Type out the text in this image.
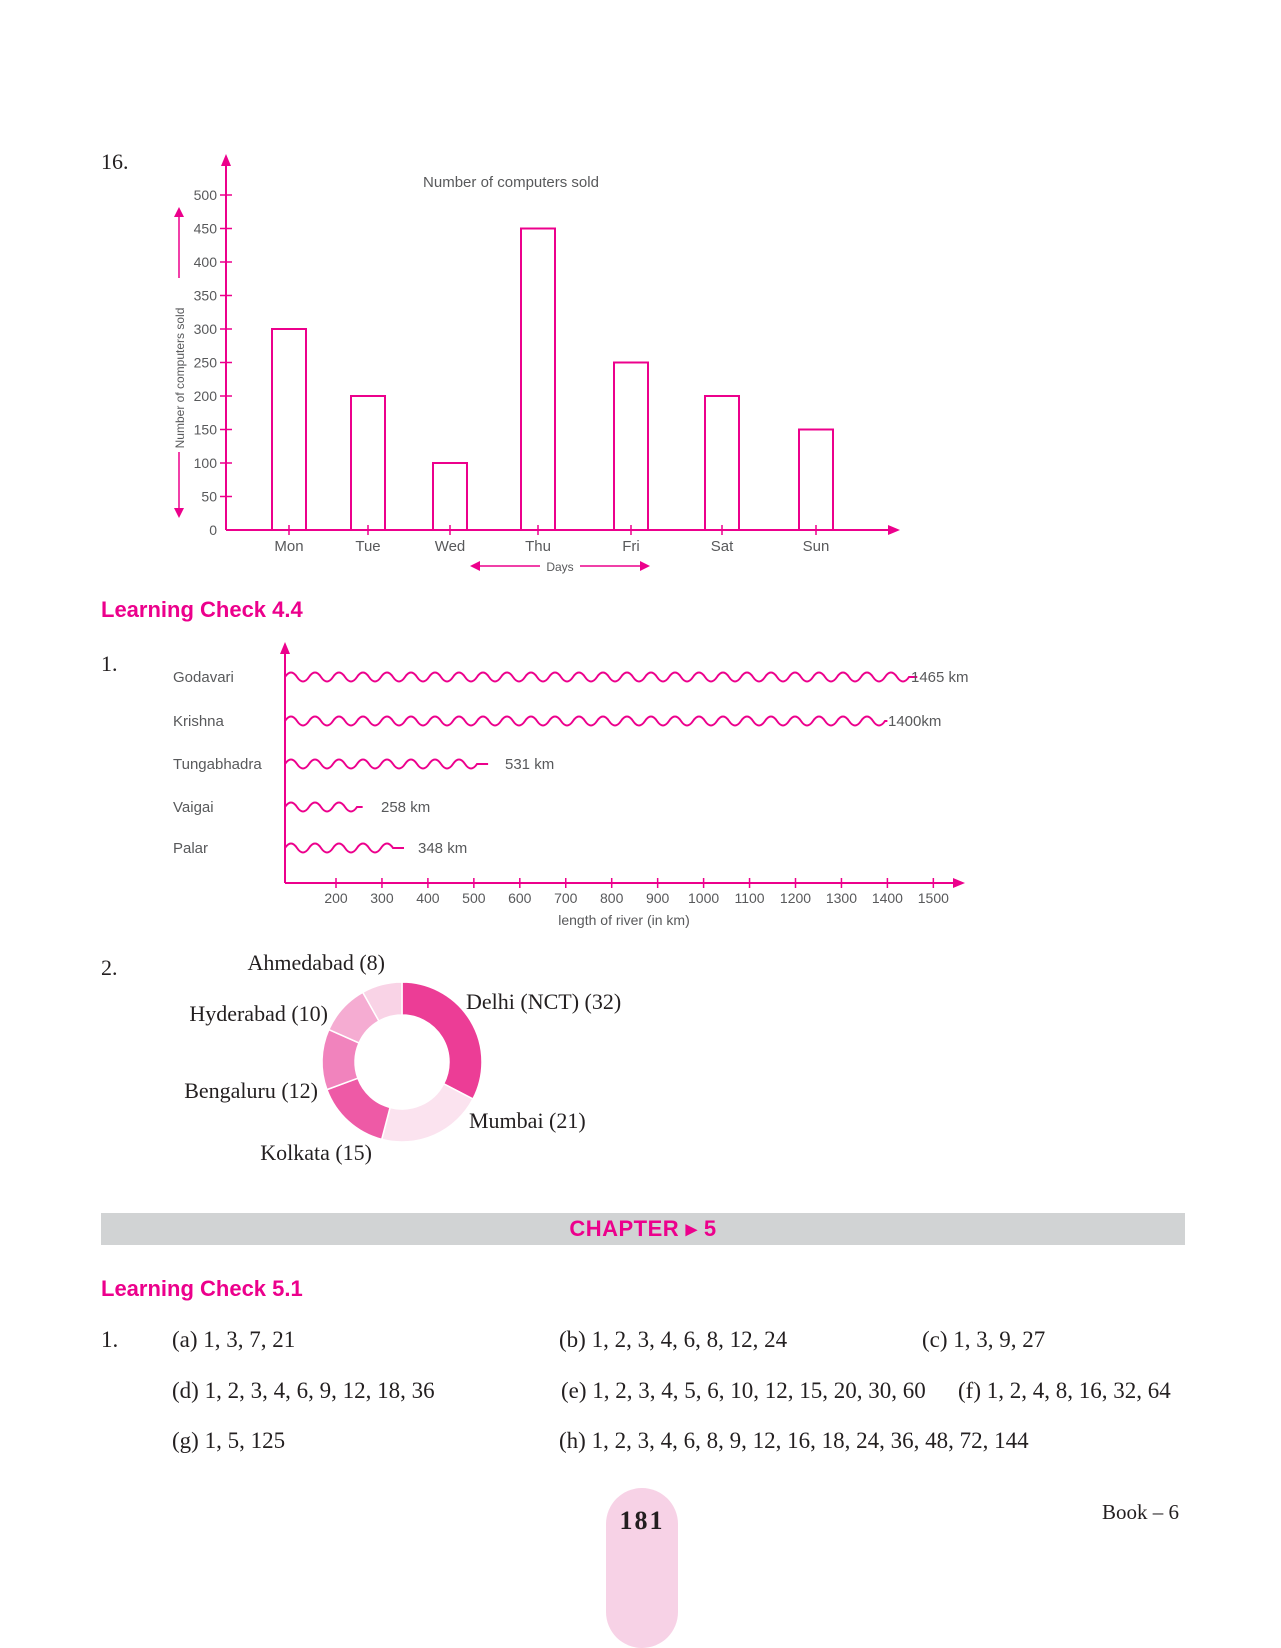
16.
0
50
100
150
200
250
300
350
400
450
500
Mon	Tue	Wed	Thu	Fri	Sat	Sun
Number of computers sold
Days
Number of computers sold
Learning Check 4.4
1.
200 300 400 500 600 700 800 900 1000 1100 1200 1300 1400 1500
length of river (in km)
Godavari	1465 km
Krishna	1400km
Tungabhadra	531 km
Vaigai	258 km
Palar	348 km
2.
Delhi (NCT) (32)
Mumbai (21)
Kolkata (15)
Bengaluru (12)
Hyderabad (10)
Ahmedabad (8)
CHAPTER ▸ 5
Learning Check 5.1
1. (a) 1, 3, 7, 21	(b) 1, 2, 3, 4, 6, 8, 12, 24	(c) 1, 3, 9, 27
(d) 1, 2, 3, 4, 6, 9, 12, 18, 36	(e) 1, 2, 3, 4, 5, 6, 10, 12, 15, 20, 30, 60 (f) 1, 2, 4, 8, 16, 32, 64
(g) 1, 5, 125	(h) 1, 2, 3, 4, 6, 8, 9, 12, 16, 18, 24, 36, 48, 72, 144
181	Book – 6
